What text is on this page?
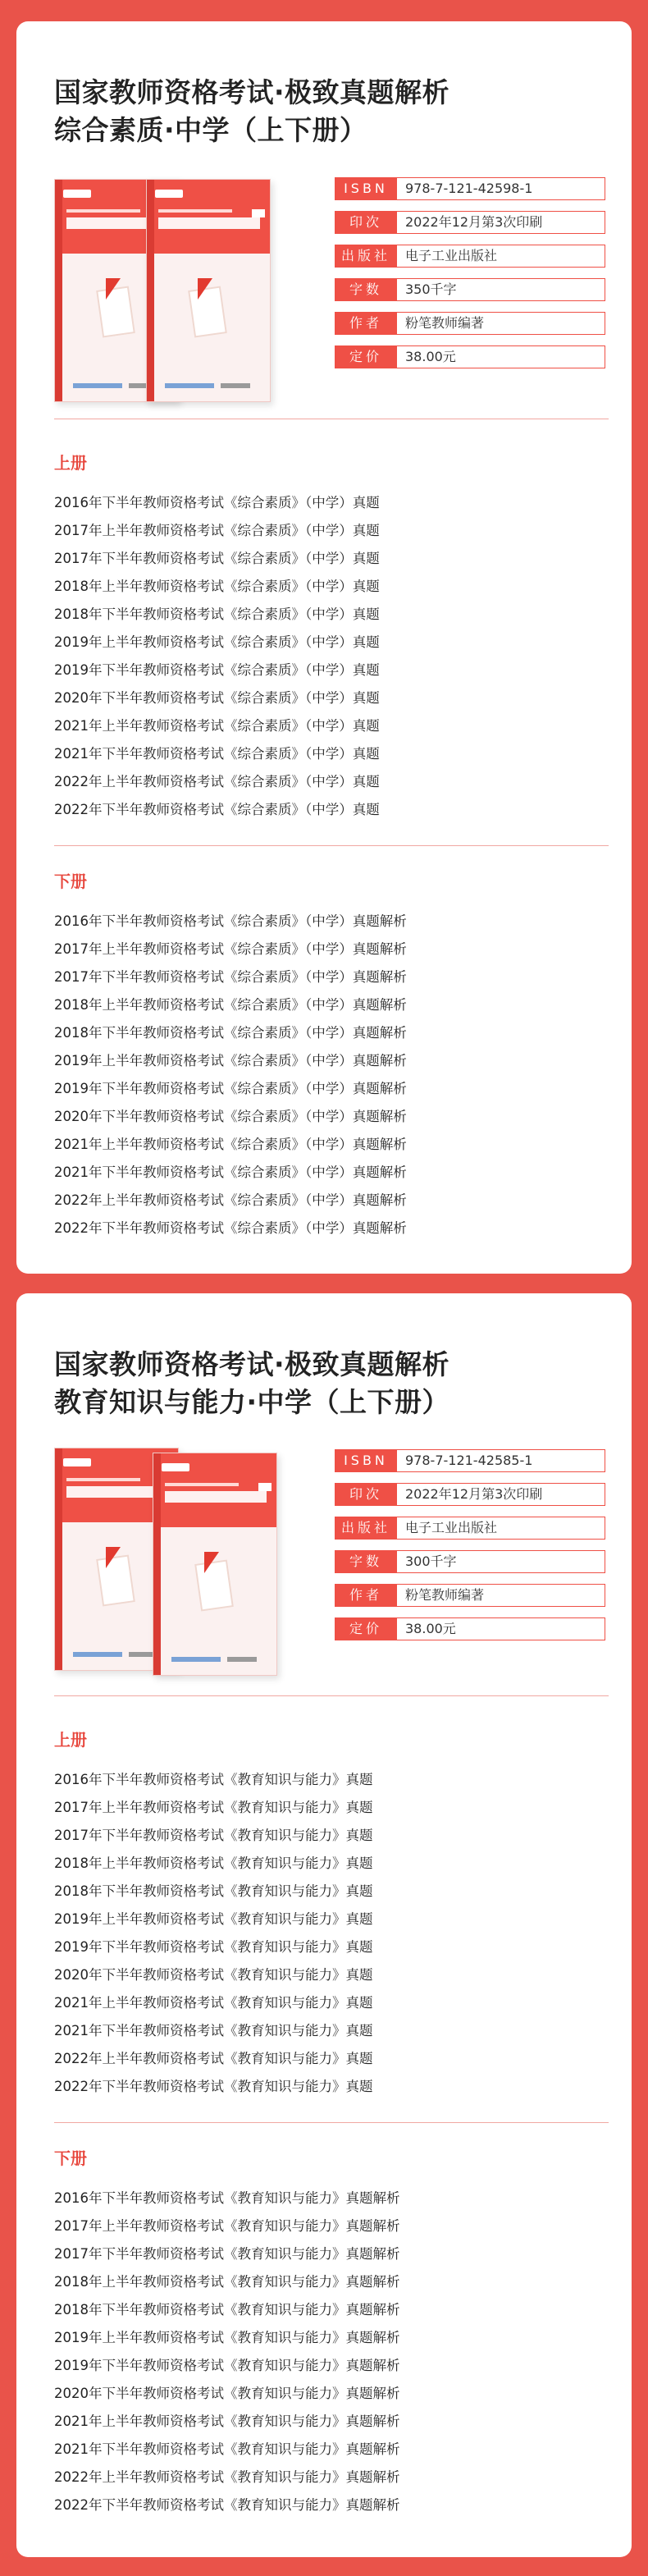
国家教师资格考试·极致真题解析
综合素质·中学（上下册）
ISBN	978-7-121-42598-1
印次	2022年12月第3次印刷
出版社	电子工业出版社
字数	350千字
作者	粉笔教师编著
定价	38.00元
上册
2016年下半年教师资格考试《综合素质》（中学）真题
2017年上半年教师资格考试《综合素质》（中学）真题
2017年下半年教师资格考试《综合素质》（中学）真题
2018年上半年教师资格考试《综合素质》（中学）真题
2018年下半年教师资格考试《综合素质》（中学）真题
2019年上半年教师资格考试《综合素质》（中学）真题
2019年下半年教师资格考试《综合素质》（中学）真题
2020年下半年教师资格考试《综合素质》（中学）真题
2021年上半年教师资格考试《综合素质》（中学）真题
2021年下半年教师资格考试《综合素质》（中学）真题
2022年上半年教师资格考试《综合素质》（中学）真题
2022年下半年教师资格考试《综合素质》（中学）真题
下册
2016年下半年教师资格考试《综合素质》（中学）真题解析
2017年上半年教师资格考试《综合素质》（中学）真题解析
2017年下半年教师资格考试《综合素质》（中学）真题解析
2018年上半年教师资格考试《综合素质》（中学）真题解析
2018年下半年教师资格考试《综合素质》（中学）真题解析
2019年上半年教师资格考试《综合素质》（中学）真题解析
2019年下半年教师资格考试《综合素质》（中学）真题解析
2020年下半年教师资格考试《综合素质》（中学）真题解析
2021年上半年教师资格考试《综合素质》（中学）真题解析
2021年下半年教师资格考试《综合素质》（中学）真题解析
2022年上半年教师资格考试《综合素质》（中学）真题解析
2022年下半年教师资格考试《综合素质》（中学）真题解析
国家教师资格考试·极致真题解析
教育知识与能力·中学（上下册）
ISBN	978-7-121-42585-1
印次	2022年12月第3次印刷
出版社	电子工业出版社
字数	300千字
作者	粉笔教师编著
定价	38.00元
上册
2016年下半年教师资格考试《教育知识与能力》真题
2017年上半年教师资格考试《教育知识与能力》真题
2017年下半年教师资格考试《教育知识与能力》真题
2018年上半年教师资格考试《教育知识与能力》真题
2018年下半年教师资格考试《教育知识与能力》真题
2019年上半年教师资格考试《教育知识与能力》真题
2019年下半年教师资格考试《教育知识与能力》真题
2020年下半年教师资格考试《教育知识与能力》真题
2021年上半年教师资格考试《教育知识与能力》真题
2021年下半年教师资格考试《教育知识与能力》真题
2022年上半年教师资格考试《教育知识与能力》真题
2022年下半年教师资格考试《教育知识与能力》真题
下册
2016年下半年教师资格考试《教育知识与能力》真题解析
2017年上半年教师资格考试《教育知识与能力》真题解析
2017年下半年教师资格考试《教育知识与能力》真题解析
2018年上半年教师资格考试《教育知识与能力》真题解析
2018年下半年教师资格考试《教育知识与能力》真题解析
2019年上半年教师资格考试《教育知识与能力》真题解析
2019年下半年教师资格考试《教育知识与能力》真题解析
2020年下半年教师资格考试《教育知识与能力》真题解析
2021年上半年教师资格考试《教育知识与能力》真题解析
2021年下半年教师资格考试《教育知识与能力》真题解析
2022年上半年教师资格考试《教育知识与能力》真题解析
2022年下半年教师资格考试《教育知识与能力》真题解析
